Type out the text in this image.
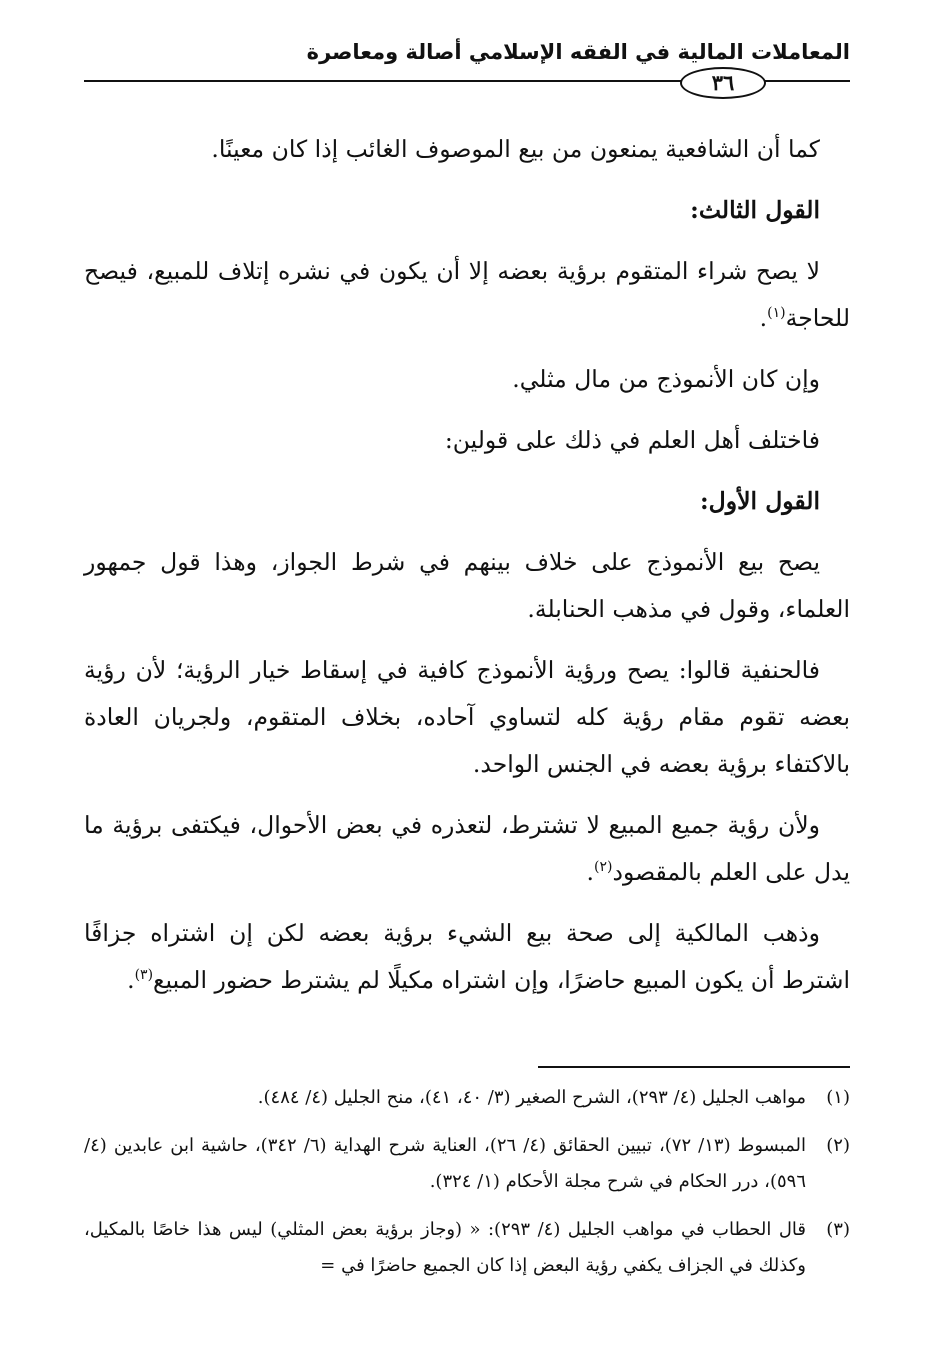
المعاملات المالية في الفقه الإسلامي أصالة ومعاصرة
٣٦

كما أن الشافعية يمنعون من بيع الموصوف الغائب إذا كان معينًا.

القول الثالث:

لا يصح شراء المتقوم برؤية بعضه إلا أن يكون في نشره إتلاف للمبيع، فيصح للحاجة$^{(١)}$.

وإن كان الأنموذج من مال مثلي.

فاختلف أهل العلم في ذلك على قولين:

القول الأول:

يصح بيع الأنموذج على خلاف بينهم في شرط الجواز، وهذا قول جمهور العلماء، وقول في مذهب الحنابلة.

فالحنفية قالوا: يصح ورؤية الأنموذج كافية في إسقاط خيار الرؤية؛ لأن رؤية بعضه تقوم مقام رؤية كله لتساوي آحاده، بخلاف المتقوم، ولجريان العادة بالاكتفاء برؤية بعضه في الجنس الواحد.

ولأن رؤية جميع المبيع لا تشترط، لتعذره في بعض الأحوال، فيكتفى برؤية ما يدل على العلم بالمقصود$^{(٢)}$.

وذهب المالكية إلى صحة بيع الشيء برؤية بعضه لكن إن اشتراه جزافًا اشترط أن يكون المبيع حاضرًا، وإن اشتراه مكيلًا لم يشترط حضور المبيع$^{(٣)}$.

(١)
مواهب الجليل (٤/ ٢٩٣)، الشرح الصغير (٣/ ٤٠، ٤١)، منح الجليل (٤/ ٤٨٤).
(٢)
المبسوط (١٣/ ٧٢)، تبيين الحقائق (٤/ ٢٦)، العناية شرح الهداية (٦/ ٣٤٢)، حاشية ابن عابدين (٤/ ٥٩٦)، درر الحكام في شرح مجلة الأحكام (١/ ٣٢٤).
(٣)
قال الحطاب في مواهب الجليل (٤/ ٢٩٣): « (وجاز برؤية بعض المثلي) ليس هذا خاصًا بالمكيل، وكذلك في الجزاف يكفي رؤية البعض إذا كان الجميع حاضرًا في =
